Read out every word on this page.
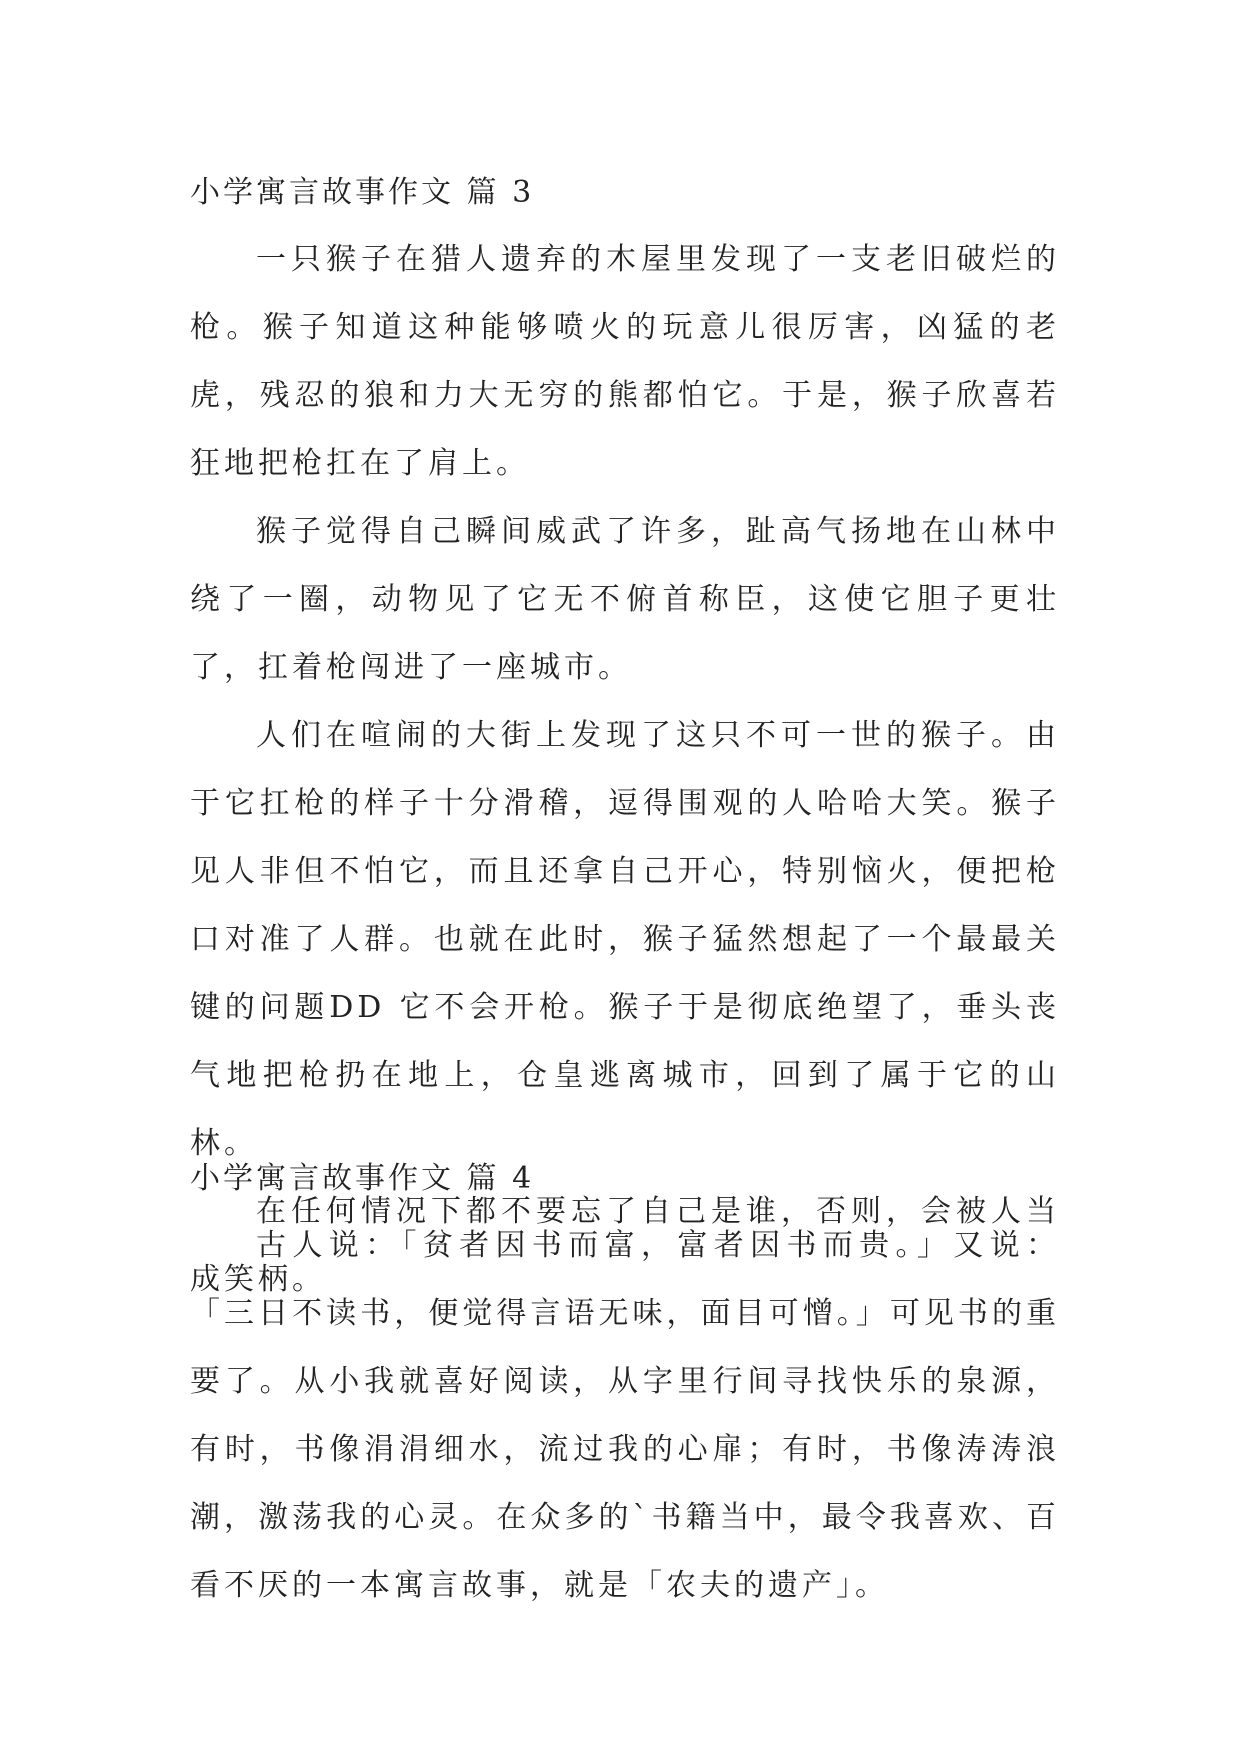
小学寓言故事作文 篇 3

一只猴子在猎人遗弃的木屋里发现了一支老旧破烂的枪。猴子知道这种能够喷火的玩意儿很厉害，凶猛的老虎，残忍的狼和力大无穷的熊都怕它。于是，猴子欣喜若狂地把枪扛在了肩上。

猴子觉得自己瞬间威武了许多，趾高气扬地在山林中绕了一圈，动物见了它无不俯首称臣，这使它胆子更壮了，扛着枪闯进了一座城市。

人们在喧闹的大街上发现了这只不可一世的猴子。由于它扛枪的样子十分滑稽，逗得围观的人哈哈大笑。猴子见人非但不怕它，而且还拿自己开心，特别恼火，便把枪口对准了人群。也就在此时，猴子猛然想起了一个最最关键的问题DD 它不会开枪。猴子于是彻底绝望了，垂头丧气地把枪扔在地上，仓皇逃离城市，回到了属于它的山林。

在任何情况下都不要忘了自己是谁，否则，会被人当成笑柄。

小学寓言故事作文 篇 4

古人说：「贫者因书而富，富者因书而贵。」又说：「三日不读书，便觉得言语无味，面目可憎。」可见书的重要了。从小我就喜好阅读，从字里行间寻找快乐的泉源，有时，书像涓涓细水，流过我的心扉；有时，书像涛涛浪潮，激荡我的心灵。在众多的`书籍当中，最令我喜欢、百看不厌的一本寓言故事，就是「农夫的遗产」。
